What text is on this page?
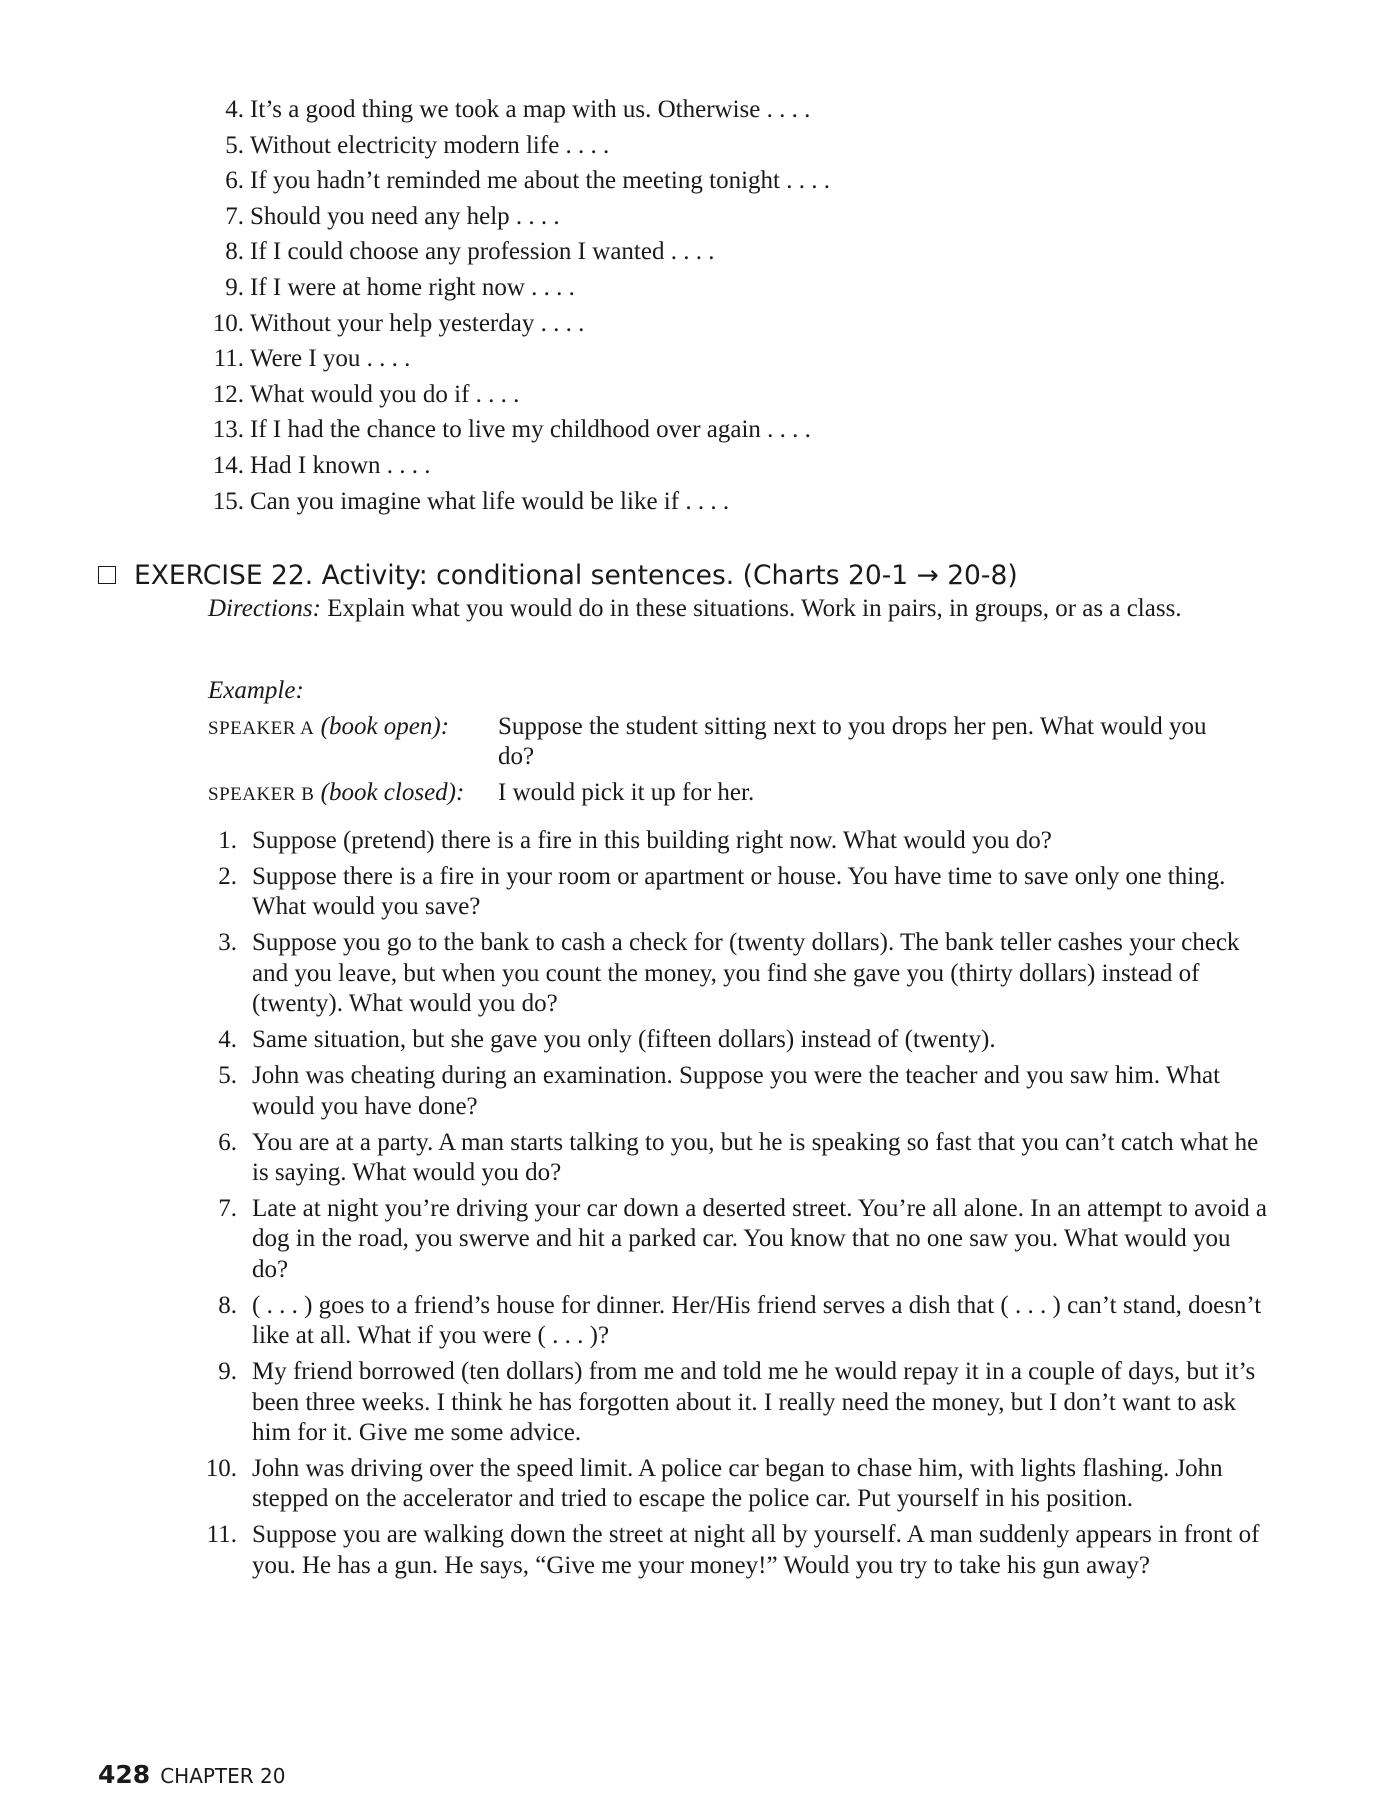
4. It’s a good thing we took a map with us. Otherwise . . . .
5. Without electricity modern life . . . .
6. If you hadn’t reminded me about the meeting tonight . . . .
7. Should you need any help . . . .
8. If I could choose any profession I wanted . . . .
9. If I were at home right now . . . .
10. Without your help yesterday . . . .
11. Were I you . . . .
12. What would you do if . . . .
13. If I had the chance to live my childhood over again . . . .
14. Had I known . . . .
15. Can you imagine what life would be like if . . . .
EXERCISE 22. Activity: conditional sentences. (Charts 20-1 → 20-8)
Directions: Explain what you would do in these situations. Work in pairs, in groups, or as a class.
Example:
SPEAKER A (book open): Suppose the student sitting next to you drops her pen. What would you do?
SPEAKER B (book closed): I would pick it up for her.
1. Suppose (pretend) there is a fire in this building right now. What would you do?
2. Suppose there is a fire in your room or apartment or house. You have time to save only one thing. What would you save?
3. Suppose you go to the bank to cash a check for (twenty dollars). The bank teller cashes your check and you leave, but when you count the money, you find she gave you (thirty dollars) instead of (twenty). What would you do?
4. Same situation, but she gave you only (fifteen dollars) instead of (twenty).
5. John was cheating during an examination. Suppose you were the teacher and you saw him. What would you have done?
6. You are at a party. A man starts talking to you, but he is speaking so fast that you can’t catch what he is saying. What would you do?
7. Late at night you’re driving your car down a deserted street. You’re all alone. In an attempt to avoid a dog in the road, you swerve and hit a parked car. You know that no one saw you. What would you do?
8. ( . . . ) goes to a friend’s house for dinner. Her/His friend serves a dish that ( . . . ) can’t stand, doesn’t like at all. What if you were ( . . . )?
9. My friend borrowed (ten dollars) from me and told me he would repay it in a couple of days, but it’s been three weeks. I think he has forgotten about it. I really need the money, but I don’t want to ask him for it. Give me some advice.
10. John was driving over the speed limit. A police car began to chase him, with lights flashing. John stepped on the accelerator and tried to escape the police car. Put yourself in his position.
11. Suppose you are walking down the street at night all by yourself. A man suddenly appears in front of you. He has a gun. He says, “Give me your money!” Would you try to take his gun away?
428 CHAPTER 20
